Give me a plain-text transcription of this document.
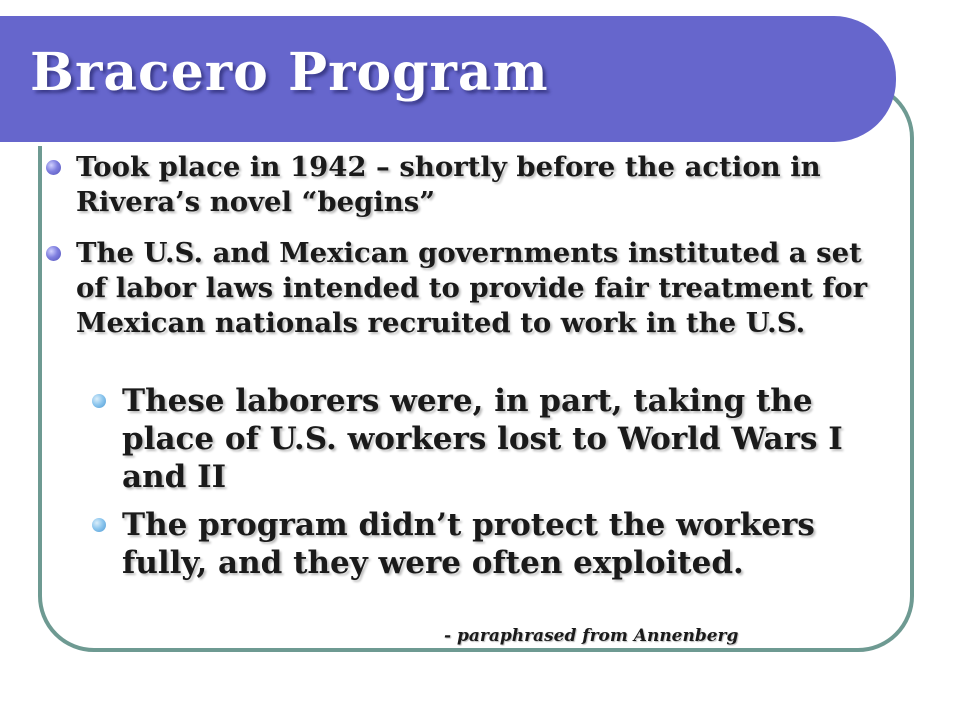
Bracero Program
Took place in 1942 – shortly before the action in Rivera’s novel “begins”
The U.S. and Mexican governments instituted a set of labor laws intended to provide fair treatment for Mexican nationals recruited to work in the U.S.
These laborers were, in part, taking the place of U.S. workers lost to World Wars I and II
The program didn’t protect the workers fully, and they were often exploited.

- paraphrased from Annenberg
